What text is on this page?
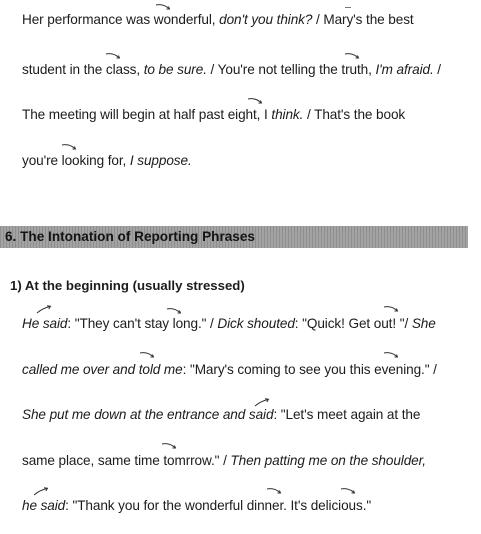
Her performance was wonderful, don't you think? / Mary's the best
student in the class, to be sure. / You're not telling the truth, I'm afraid. /
The meeting will begin at half past eight, I think. / That's the book
you're looking for, I suppose.
6. The Intonation of Reporting Phrases
1) At the beginning (usually stressed)
He said: "They can't stay long." / Dick shouted: "Quick! Get out! "/ She
called me over and told me: "Mary's coming to see you this evening." /
She put me down at the entrance and said: "Let's meet again at the
same place, same time tomrrow." / Then patting me on the shoulder,
he said: "Thank you for the wonderful dinner. It's delicious."
